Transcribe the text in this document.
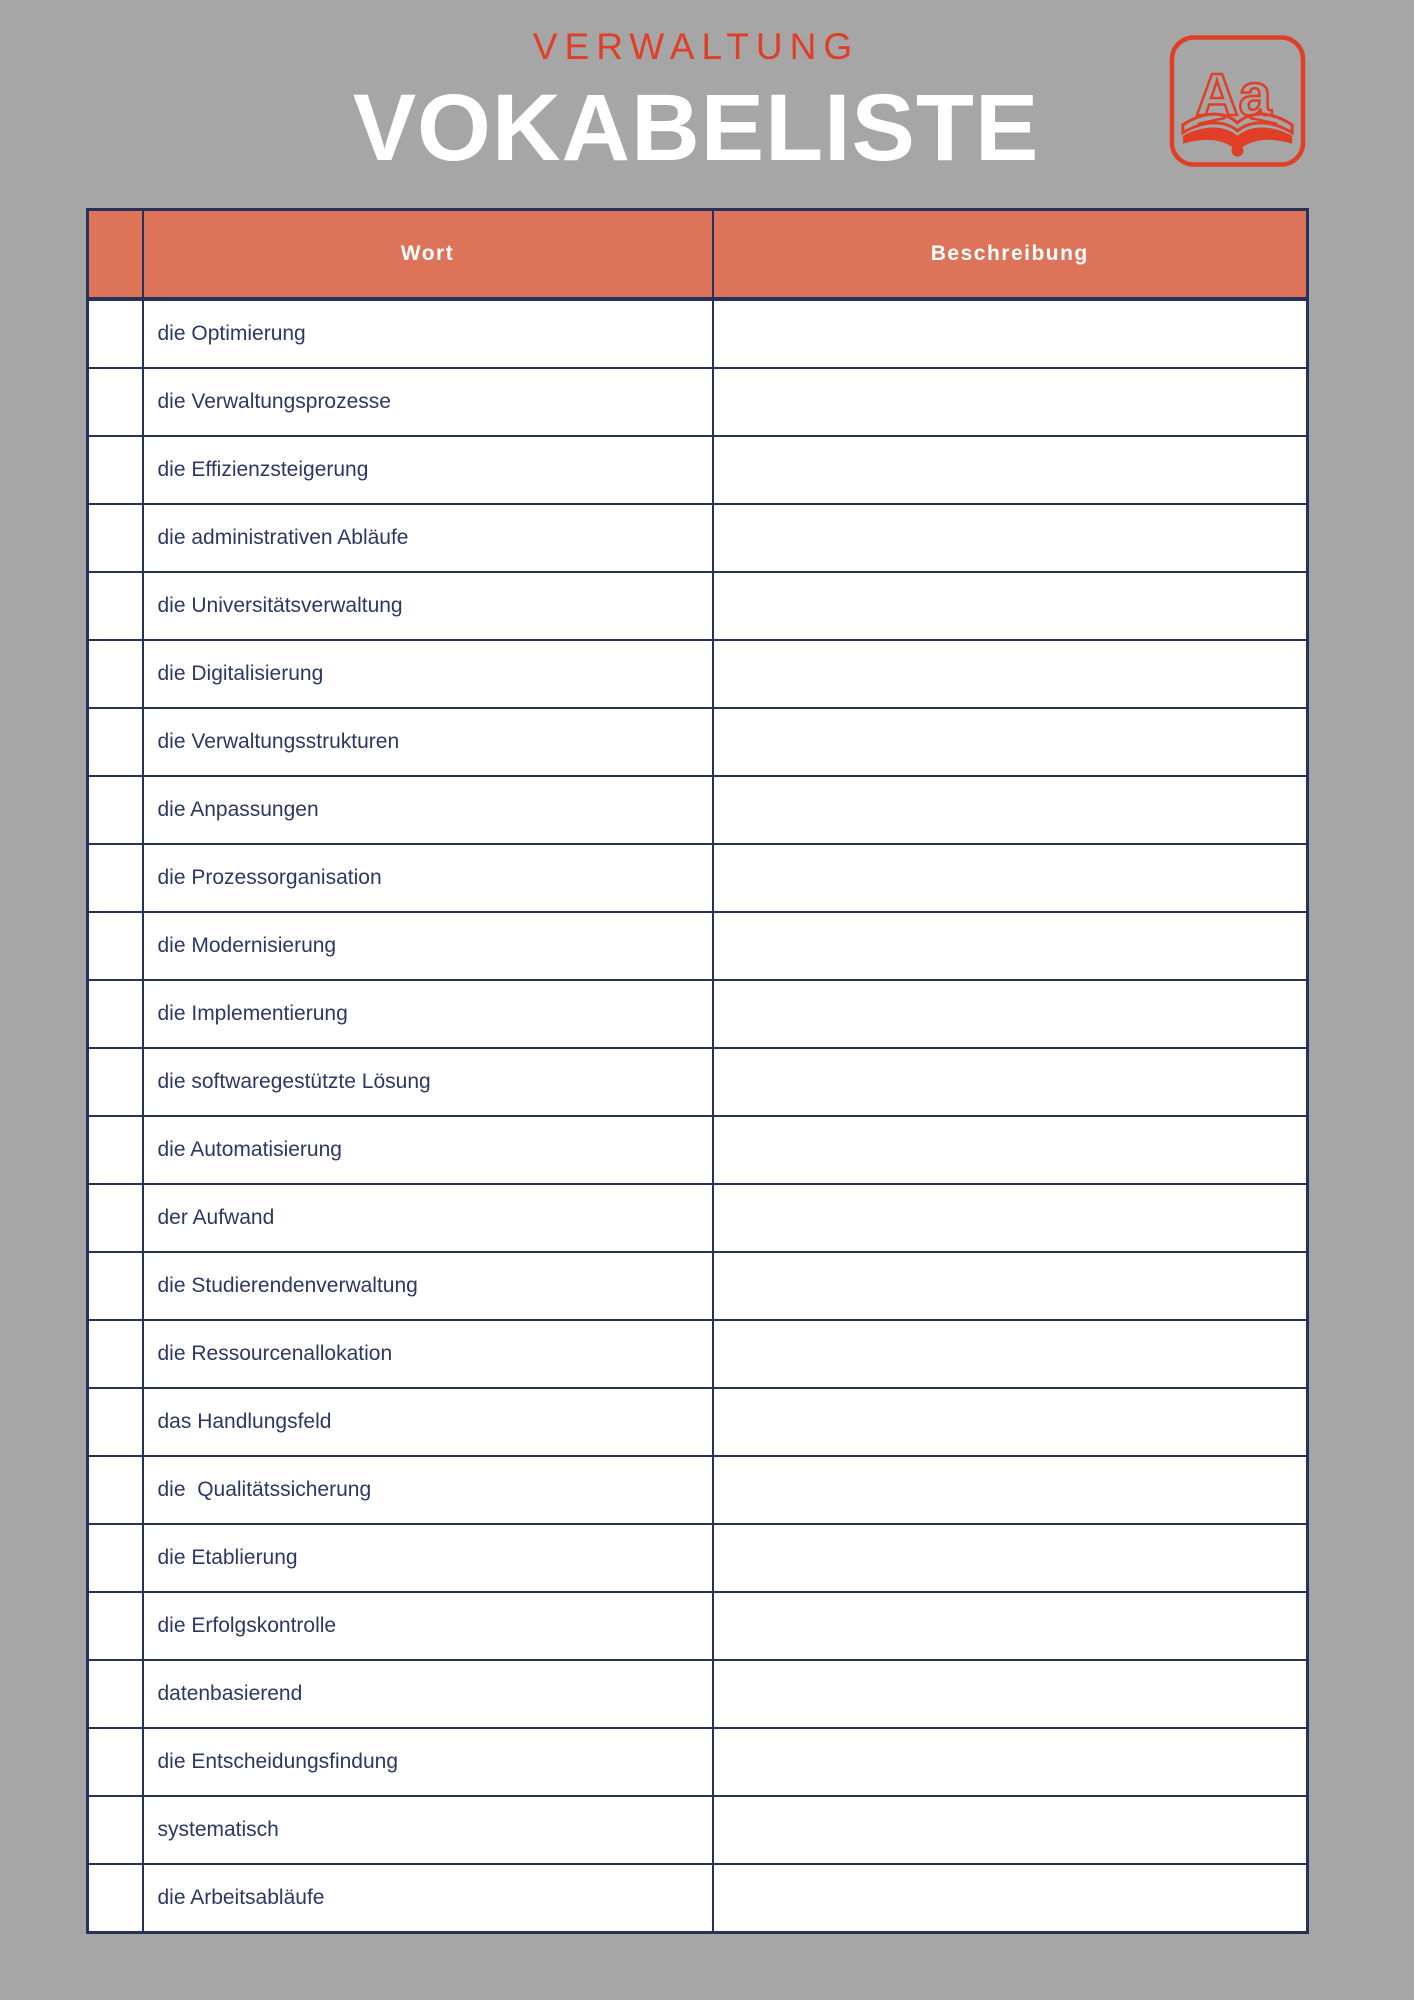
VERWALTUNG
VOKABELISTE	Aa
	Wort	Beschreibung
	die Optimierung	
	die Verwaltungsprozesse	
	die Effizienzsteigerung	
	die administrativen Abläufe	
	die Universitätsverwaltung	
	die Digitalisierung	
	die Verwaltungsstrukturen	
	die Anpassungen	
	die Prozessorganisation	
	die Modernisierung	
	die Implementierung	
	die softwaregestützte Lösung	
	die Automatisierung	
	der Aufwand	
	die Studierendenverwaltung	
	die Ressourcenallokation	
	das Handlungsfeld	
	die  Qualitätssicherung	
	die Etablierung	
	die Erfolgskontrolle	
	datenbasierend	
	die Entscheidungsfindung	
	systematisch	
	die Arbeitsabläufe	
